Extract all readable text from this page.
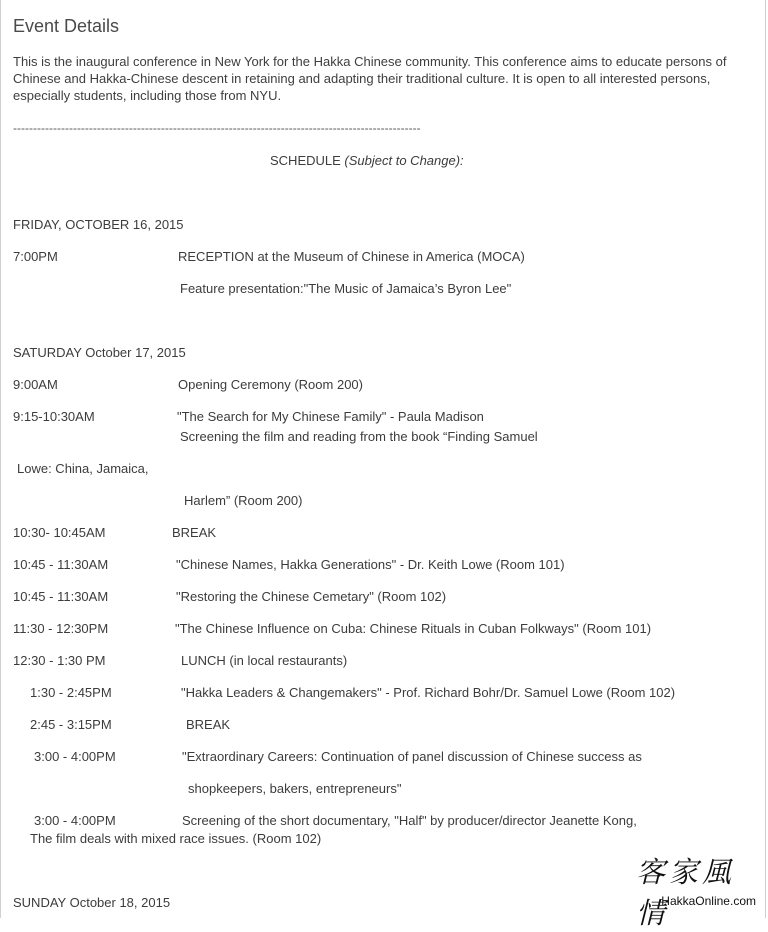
Event Details
This is the inaugural conference in New York for the Hakka Chinese community. This conference aims to educate persons of Chinese and Hakka-Chinese descent in retaining and adapting their traditional culture. It is open to all interested persons, especially students, including those from NYU.
------------------------------------------------------------------------------------------------------
SCHEDULE (Subject to Change):
FRIDAY, OCTOBER 16, 2015
7:00PM	RECEPTION at the Museum of Chinese in America (MOCA)
Feature presentation:"The Music of Jamaica’s Byron Lee"
SATURDAY October 17, 2015
9:00AM	Opening Ceremony (Room 200)
9:15-10:30AM	"The Search for My Chinese Family" - Paula Madison
Screening the film and reading from the book “Finding Samuel
Lowe: China, Jamaica,
Harlem” (Room 200)
10:30- 10:45AM	BREAK
10:45 - 11:30AM	"Chinese Names, Hakka Generations" - Dr. Keith Lowe (Room 101)
10:45 - 11:30AM	"Restoring the Chinese Cemetary" (Room 102)
11:30 - 12:30PM	"The Chinese Influence on Cuba: Chinese Rituals in Cuban Folkways" (Room 101)
12:30 - 1:30 PM	LUNCH (in local restaurants)
1:30 - 2:45PM	"Hakka Leaders & Changemakers" - Prof. Richard Bohr/Dr. Samuel Lowe (Room 102)
2:45 - 3:15PM	BREAK
3:00 - 4:00PM	"Extraordinary Careers: Continuation of panel discussion of Chinese success as
shopkeepers, bakers, entrepreneurs"
3:00 - 4:00PM	Screening of the short documentary, "Half" by producer/director Jeanette Kong,
The film deals with mixed race issues. (Room 102)
SUNDAY October 18, 2015
客家風情
HakkaOnline.com
